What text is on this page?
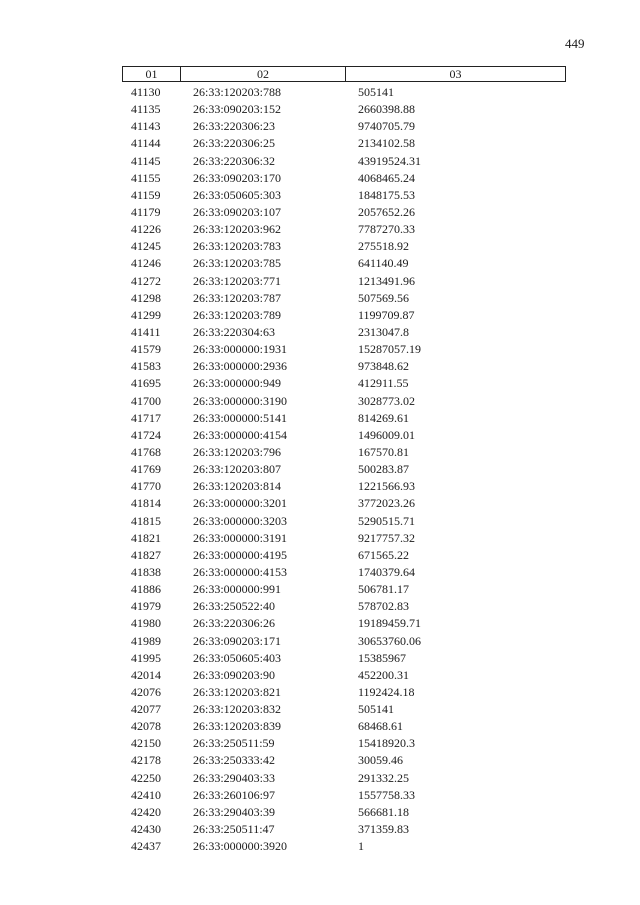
449
01	02	03
41130	26:33:120203:788	505141
41135	26:33:090203:152	2660398.88
41143	26:33:220306:23	9740705.79
41144	26:33:220306:25	2134102.58
41145	26:33:220306:32	43919524.31
41155	26:33:090203:170	4068465.24
41159	26:33:050605:303	1848175.53
41179	26:33:090203:107	2057652.26
41226	26:33:120203:962	7787270.33
41245	26:33:120203:783	275518.92
41246	26:33:120203:785	641140.49
41272	26:33:120203:771	1213491.96
41298	26:33:120203:787	507569.56
41299	26:33:120203:789	1199709.87
41411	26:33:220304:63	2313047.8
41579	26:33:000000:1931	15287057.19
41583	26:33:000000:2936	973848.62
41695	26:33:000000:949	412911.55
41700	26:33:000000:3190	3028773.02
41717	26:33:000000:5141	814269.61
41724	26:33:000000:4154	1496009.01
41768	26:33:120203:796	167570.81
41769	26:33:120203:807	500283.87
41770	26:33:120203:814	1221566.93
41814	26:33:000000:3201	3772023.26
41815	26:33:000000:3203	5290515.71
41821	26:33:000000:3191	9217757.32
41827	26:33:000000:4195	671565.22
41838	26:33:000000:4153	1740379.64
41886	26:33:000000:991	506781.17
41979	26:33:250522:40	578702.83
41980	26:33:220306:26	19189459.71
41989	26:33:090203:171	30653760.06
41995	26:33:050605:403	15385967
42014	26:33:090203:90	452200.31
42076	26:33:120203:821	1192424.18
42077	26:33:120203:832	505141
42078	26:33:120203:839	68468.61
42150	26:33:250511:59	15418920.3
42178	26:33:250333:42	30059.46
42250	26:33:290403:33	291332.25
42410	26:33:260106:97	1557758.33
42420	26:33:290403:39	566681.18
42430	26:33:250511:47	371359.83
42437	26:33:000000:3920	1
